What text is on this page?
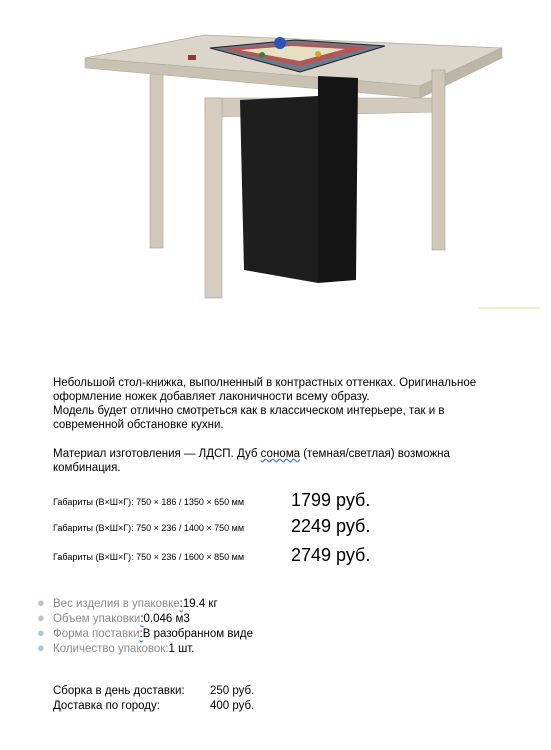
Небольшой стол-книжка, выполненный в контрастных оттенках. Оригинальное
оформление ножек добавляет лаконичности всему образу.
Модель будет отлично смотреться как в классическом интерьере, так и в
современной обстановке кухни.
Материал изготовления — ЛДСП. Дуб сонома (темная/светлая) возможна
комбинация.
Габариты (В×Ш×Г): 750 × 186 / 1350 × 650 мм	1799 руб.
Габариты (В×Ш×Г): 750 × 236 / 1400 × 750 мм	2249 руб.
Габариты (В×Ш×Г): 750 × 236 / 1600 × 850 мм	2749 руб.
● Вес изделия в упаковке : 19.4 кг
● Объем упаковки : 0.046 м3
● Форма поставки : В разобранном виде
● Количество упаковок: 1 шт.
Сборка в день доставки: 250 руб.
Доставка по городу:	400 руб.
